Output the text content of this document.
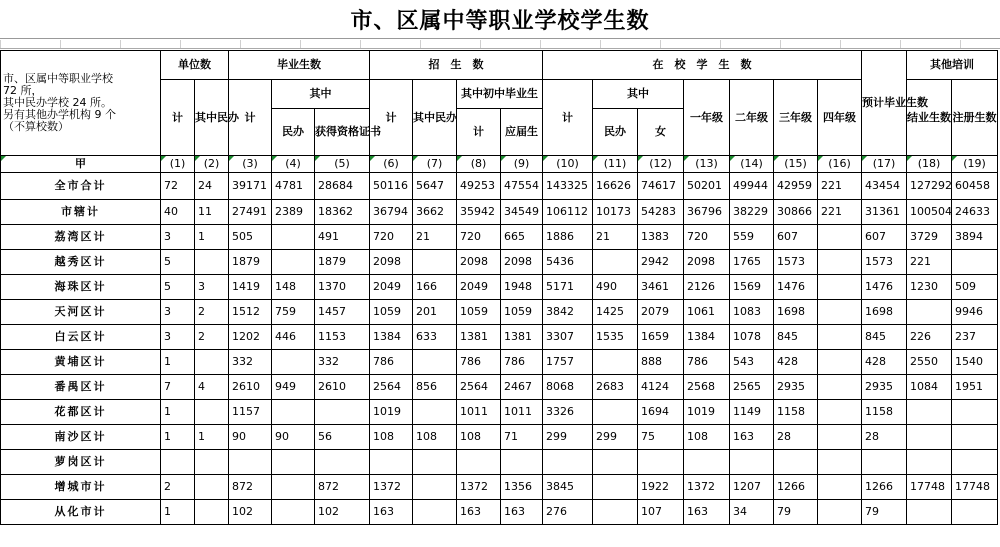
市、区属中等职业学校学生数
市、区属中等职业学校
72 所，
其中民办学校 24 所。
另有其他办学机构 9 个
（不算校数）	单位数		毕业生数			招　生　数				在　校　学　生　数							预计毕业生数	其他培训	
	计	其中民办	计	其中		计	其中民办	其中初中毕业生		计	其中		一年级	二年级	三年级	四年级		结业生数	注册生数
				民办	获得资格证书			计	应届生		民办	女							
甲	(1)	(2)	(3)	(4)	(5)	(6)	(7)	(8)	(9)	(10)	(11)	(12)	(13)	(14)	(15)	(16)	(17)	(18)	(19)
全市合计	72	24	39171	4781	28684	50116	5647	49253	47554	143325	16626	74617	50201	49944	42959	221	43454	127292	60458
市辖计	40	11	27491	2389	18362	36794	3662	35942	34549	106112	10173	54283	36796	38229	30866	221	31361	100504	24633
荔湾区计	3	1	505		491	720	21	720	665	1886	21	1383	720	559	607		607	3729	3894
越秀区计	5		1879		1879	2098		2098	2098	5436		2942	2098	1765	1573		1573	221	
海珠区计	5	3	1419	148	1370	2049	166	2049	1948	5171	490	3461	2126	1569	1476		1476	1230	509
天河区计	3	2	1512	759	1457	1059	201	1059	1059	3842	1425	2079	1061	1083	1698		1698		9946
白云区计	3	2	1202	446	1153	1384	633	1381	1381	3307	1535	1659	1384	1078	845		845	226	237
黄埔区计	1		332		332	786		786	786	1757		888	786	543	428		428	2550	1540
番禺区计	7	4	2610	949	2610	2564	856	2564	2467	8068	2683	4124	2568	2565	2935		2935	1084	1951
花都区计	1		1157			1019		1011	1011	3326		1694	1019	1149	1158		1158		
南沙区计	1	1	90	90	56	108	108	108	71	299	299	75	108	163	28		28		
萝岗区计																			
增城市计	2		872		872	1372		1372	1356	3845		1922	1372	1207	1266		1266	17748	17748
从化市计	1		102		102	163		163	163	276		107	163	34	79		79		
